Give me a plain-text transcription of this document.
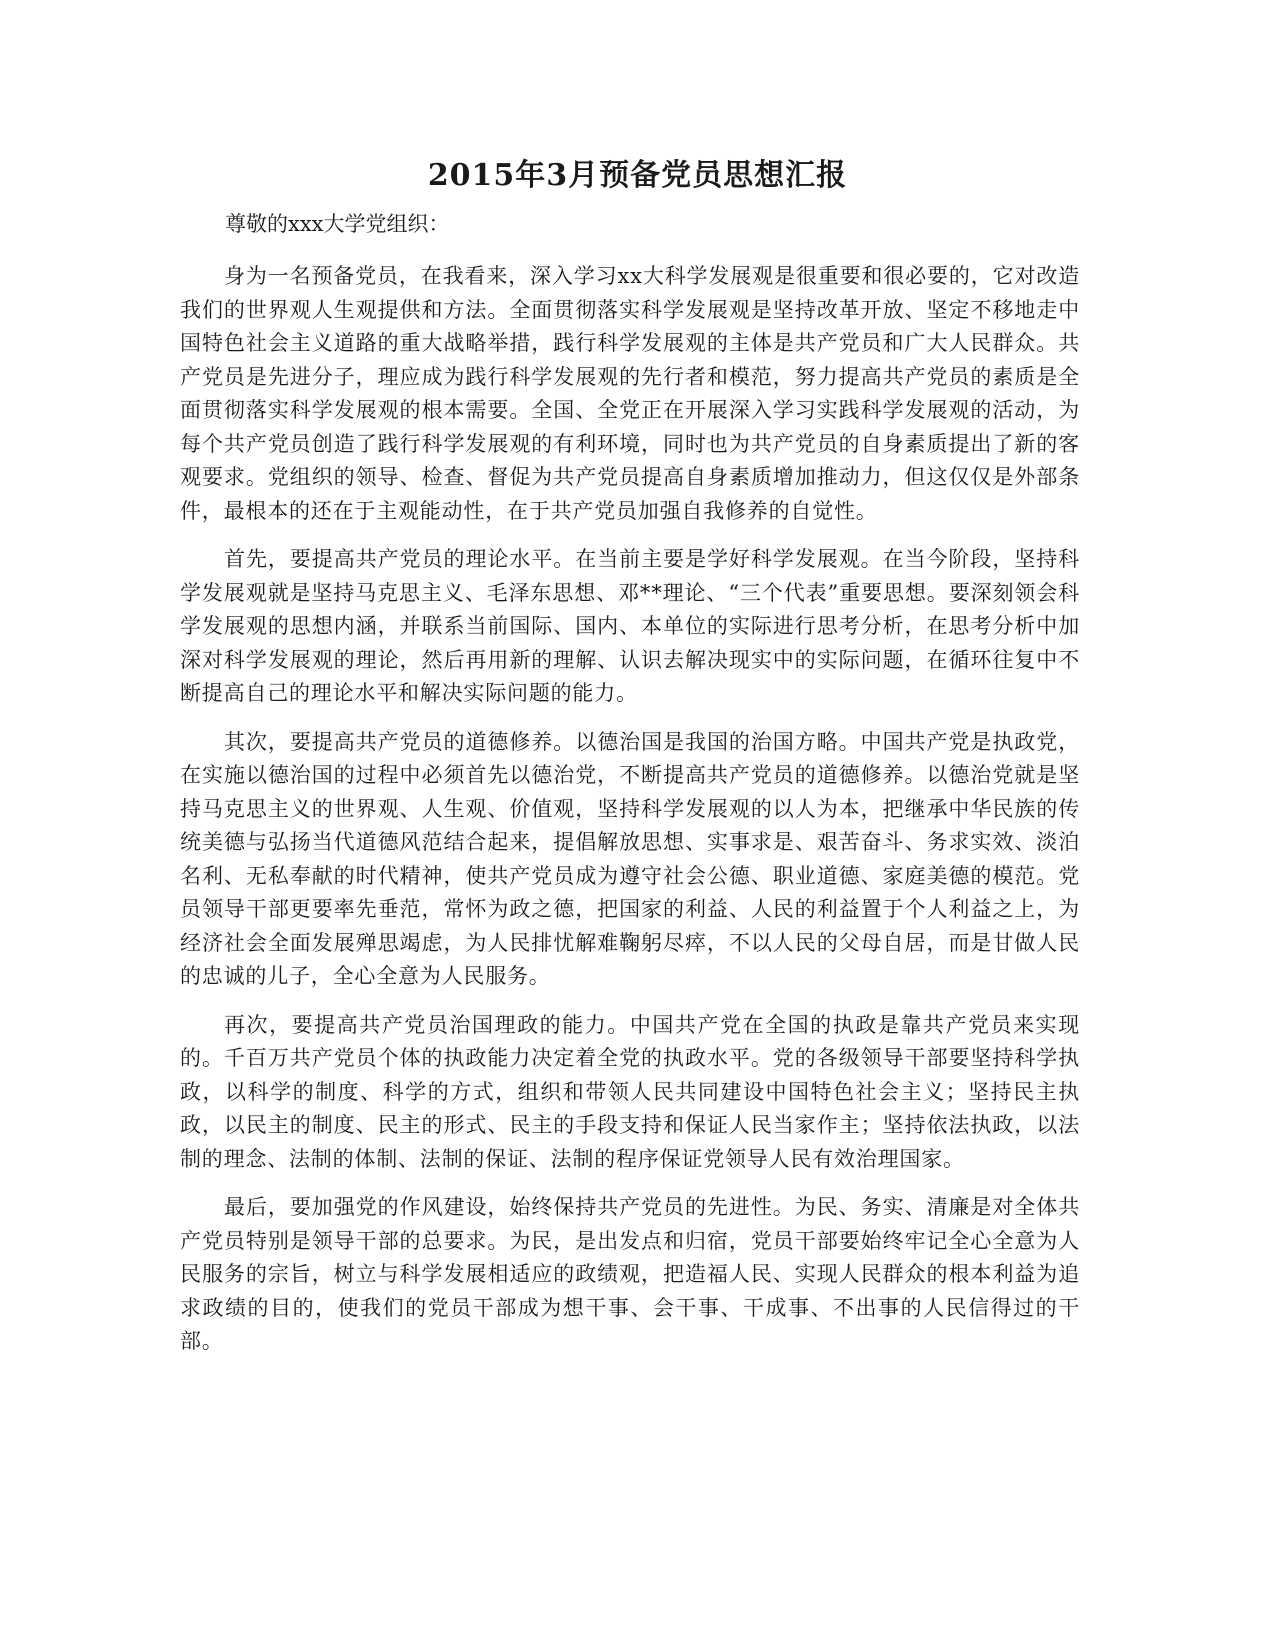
2015年3月预备党员思想汇报
尊敬的xxx大学党组织：

身为一名预备党员，在我看来，深入学习xx大科学发展观是很重要和很必要的，它对改造我们的世界观人生观提供和方法。全面贯彻落实科学发展观是坚持改革开放、坚定不移地走中国特色社会主义道路的重大战略举措，践行科学发展观的主体是共产党员和广大人民群众。共产党员是先进分子，理应成为践行科学发展观的先行者和模范，努力提高共产党员的素质是全面贯彻落实科学发展观的根本需要。全国、全党正在开展深入学习实践科学发展观的活动，为每个共产党员创造了践行科学发展观的有利环境，同时也为共产党员的自身素质提出了新的客观要求。党组织的领导、检查、督促为共产党员提高自身素质增加推动力，但这仅仅是外部条件，最根本的还在于主观能动性，在于共产党员加强自我修养的自觉性。

首先，要提高共产党员的理论水平。在当前主要是学好科学发展观。在当今阶段，坚持科学发展观就是坚持马克思主义、毛泽东思想、邓**理论、“三个代表”重要思想。要深刻领会科学发展观的思想内涵，并联系当前国际、国内、本单位的实际进行思考分析，在思考分析中加深对科学发展观的理论，然后再用新的理解、认识去解决现实中的实际问题，在循环往复中不断提高自己的理论水平和解决实际问题的能力。

其次，要提高共产党员的道德修养。以德治国是我国的治国方略。中国共产党是执政党，在实施以德治国的过程中必须首先以德治党，不断提高共产党员的道德修养。以德治党就是坚持马克思主义的世界观、人生观、价值观，坚持科学发展观的以人为本，把继承中华民族的传统美德与弘扬当代道德风范结合起来，提倡解放思想、实事求是、艰苦奋斗、务求实效、淡泊名利、无私奉献的时代精神，使共产党员成为遵守社会公德、职业道德、家庭美德的模范。党员领导干部更要率先垂范，常怀为政之德，把国家的利益、人民的利益置于个人利益之上，为经济社会全面发展殚思竭虑，为人民排忧解难鞠躬尽瘁，不以人民的父母自居，而是甘做人民的忠诚的儿子，全心全意为人民服务。

再次，要提高共产党员治国理政的能力。中国共产党在全国的执政是靠共产党员来实现的。千百万共产党员个体的执政能力决定着全党的执政水平。党的各级领导干部要坚持科学执政，以科学的制度、科学的方式，组织和带领人民共同建设中国特色社会主义；坚持民主执政，以民主的制度、民主的形式、民主的手段支持和保证人民当家作主；坚持依法执政，以法制的理念、法制的体制、法制的保证、法制的程序保证党领导人民有效治理国家。

最后，要加强党的作风建设，始终保持共产党员的先进性。为民、务实、清廉是对全体共产党员特别是领导干部的总要求。为民，是出发点和归宿，党员干部要始终牢记全心全意为人民服务的宗旨，树立与科学发展相适应的政绩观，把造福人民、实现人民群众的根本利益为追求政绩的目的，使我们的党员干部成为想干事、会干事、干成事、不出事的人民信得过的干部。
